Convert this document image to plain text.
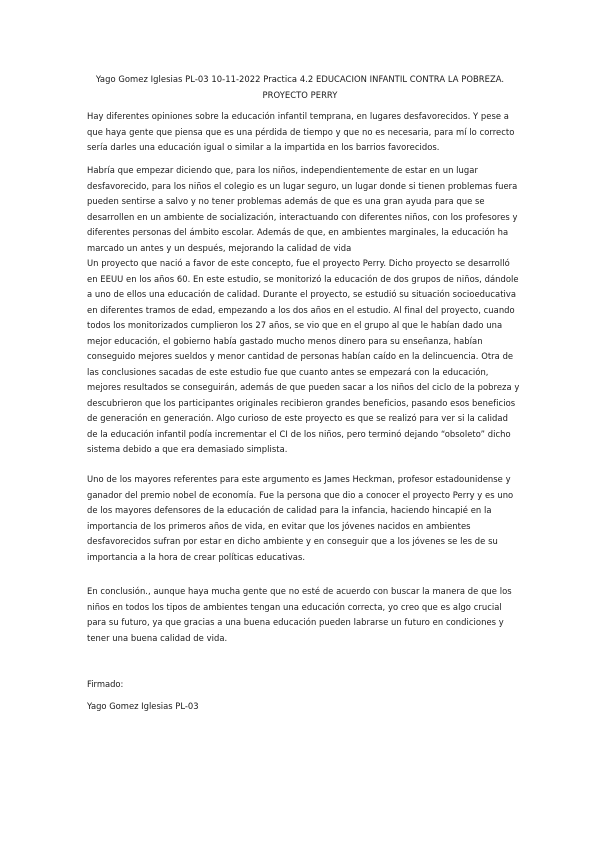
Yago Gomez Iglesias PL-03 10-11-2022 Practica 4.2 EDUCACION INFANTIL CONTRA LA POBREZA. PROYECTO PERRY

Hay diferentes opiniones sobre la educación infantil temprana, en lugares desfavorecidos. Y pese a que haya gente que piensa que es una pérdida de tiempo y que no es necesaria, para mí lo correcto sería darles una educación igual o similar a la impartida en los barrios favorecidos.

Habría que empezar diciendo que, para los niños, independientemente de estar en un lugar desfavorecido, para los niños el colegio es un lugar seguro, un lugar donde si tienen problemas fuera pueden sentirse a salvo y no tener problemas además de que es una gran ayuda para que se desarrollen en un ambiente de socialización, interactuando con diferentes niños, con los profesores y diferentes personas del ámbito escolar. Además de que, en ambientes marginales, la educación ha marcado un antes y un después, mejorando la calidad de vida

Un proyecto que nació a favor de este concepto, fue el proyecto Perry. Dicho proyecto se desarrolló en EEUU en los años 60. En este estudio, se monitorizó la educación de dos grupos de niños, dándole a uno de ellos una educación de calidad. Durante el proyecto, se estudió su situación socioeducativa en diferentes tramos de edad, empezando a los dos años en el estudio. Al final del proyecto, cuando todos los monitorizados cumplieron los 27 años, se vio que en el grupo al que le habían dado una mejor educación, el gobierno había gastado mucho menos dinero para su enseñanza, habían conseguido mejores sueldos y menor cantidad de personas habían caído en la delincuencia. Otra de las conclusiones sacadas de este estudio fue que cuanto antes se empezará con la educación, mejores resultados se conseguirán, además de que pueden sacar a los niños del ciclo de la pobreza y descubrieron que los participantes originales recibieron grandes beneficios, pasando esos beneficios de generación en generación. Algo curioso de este proyecto es que se realizó para ver si la calidad de la educación infantil podía incrementar el CI de los niños, pero terminó dejando “obsoleto” dicho sistema debido a que era demasiado simplista.

Uno de los mayores referentes para este argumento es James Heckman, profesor estadounidense y ganador del premio nobel de economía. Fue la persona que dio a conocer el proyecto Perry y es uno de los mayores defensores de la educación de calidad para la infancia, haciendo hincapié en la importancia de los primeros años de vida, en evitar que los jóvenes nacidos en ambientes desfavorecidos sufran por estar en dicho ambiente y en conseguir que a los jóvenes se les de su importancia a la hora de crear políticas educativas.

En conclusión., aunque haya mucha gente que no esté de acuerdo con buscar la manera de que los niños en todos los tipos de ambientes tengan una educación correcta, yo creo que es algo crucial para su futuro, ya que gracias a una buena educación pueden labrarse un futuro en condiciones y tener una buena calidad de vida.

Firmado:
Yago Gomez Iglesias PL-03
